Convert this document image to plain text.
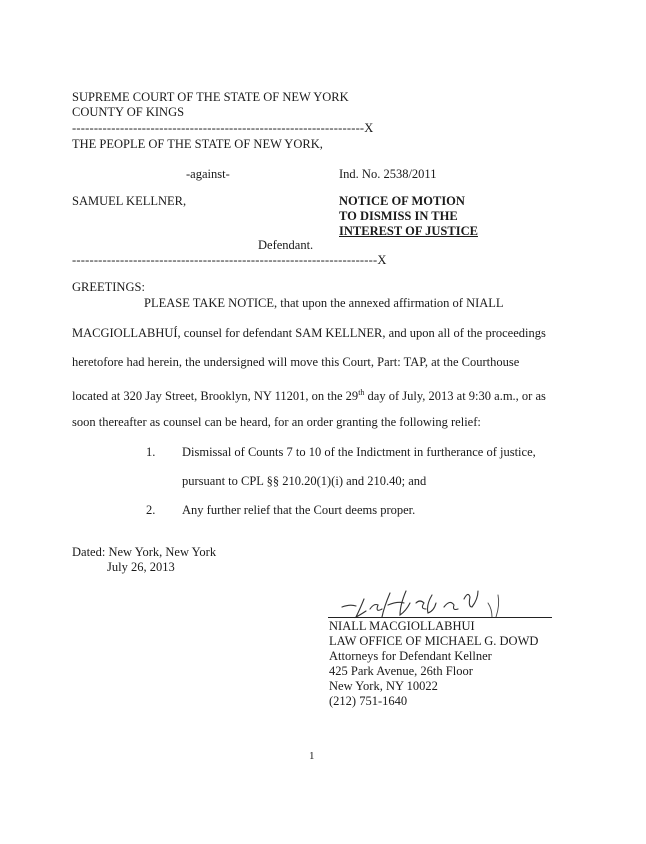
SUPREME COURT OF THE STATE OF NEW YORK
COUNTY OF KINGS
-------------------------------------------------------------------X
THE PEOPLE OF THE STATE OF NEW YORK,
-against-	Ind. No. 2538/2011
SAMUEL KELLNER,	NOTICE OF MOTION
TO DISMISS IN THE
INTEREST OF JUSTICE
Defendant.
----------------------------------------------------------------------X
GREETINGS:
PLEASE TAKE NOTICE, that upon the annexed affirmation of NIALL
MACGIOLLABHUÍ, counsel for defendant SAM KELLNER, and upon all of the proceedings
heretofore had herein, the undersigned will move this Court, Part: TAP, at the Courthouse
located at 320 Jay Street, Brooklyn, NY 11201, on the 29th day of July, 2013 at 9:30 a.m., or as
soon thereafter as counsel can be heard, for an order granting the following relief:
1. Dismissal of Counts 7 to 10 of the Indictment in furtherance of justice,
pursuant to CPL §§ 210.20(1)(i) and 210.40; and
2. Any further relief that the Court deems proper.
Dated: New York, New York
July 26, 2013
NIALL MACGIOLLABHUI
LAW OFFICE OF MICHAEL G. DOWD
Attorneys for Defendant Kellner
425 Park Avenue, 26th Floor
New York, NY 10022
(212) 751-1640
1
